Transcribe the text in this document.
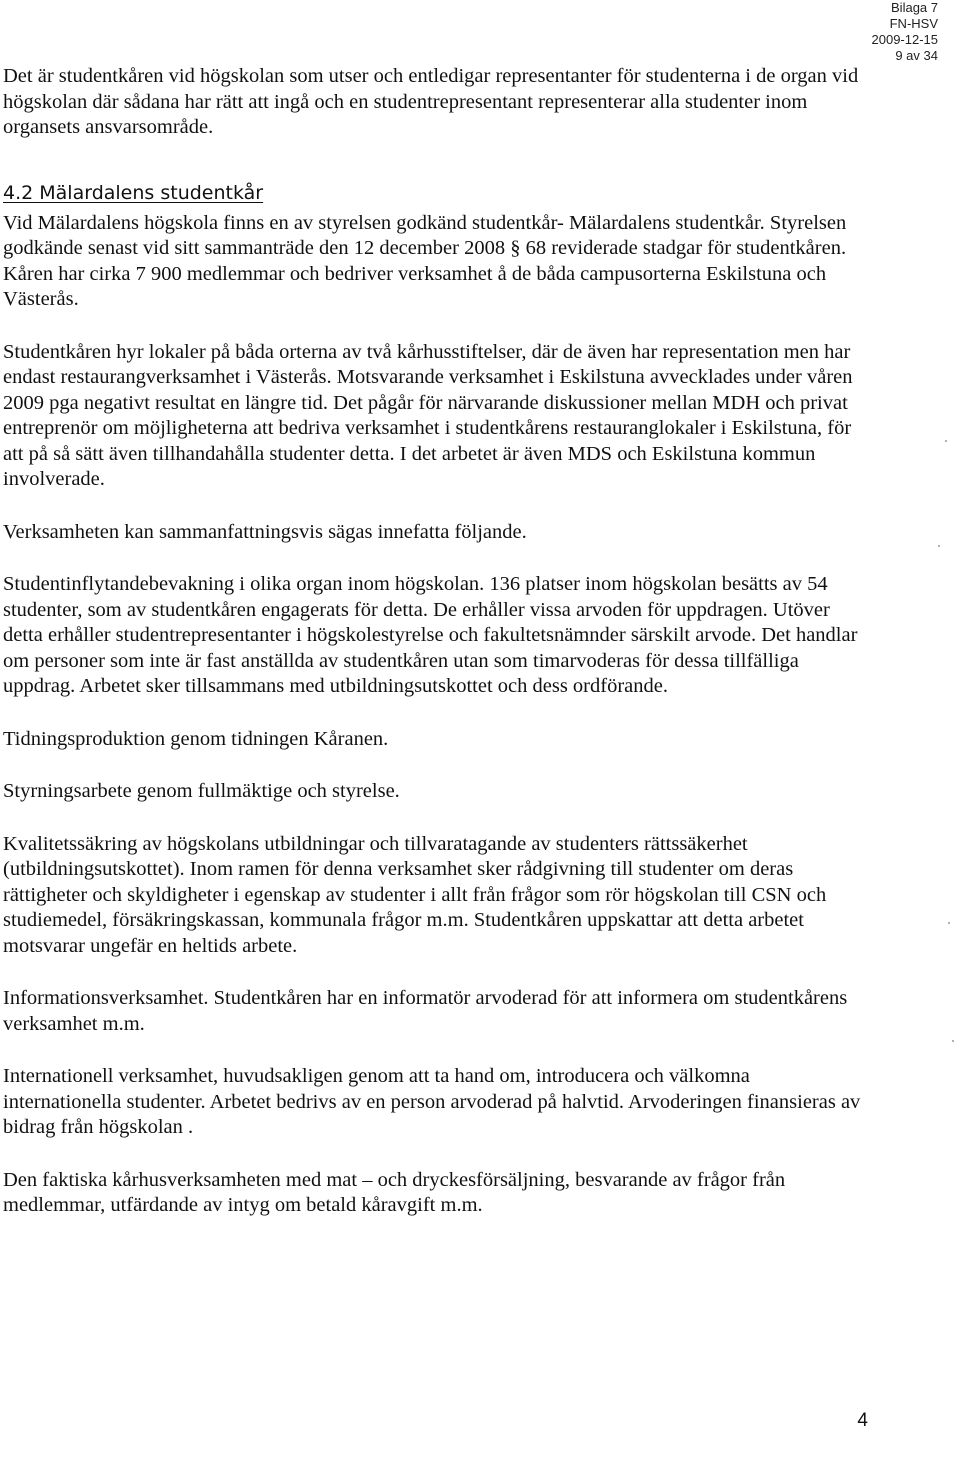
Bilaga 7
FN-HSV
2009-12-15
9 av 34

Det är studentkåren vid högskolan som utser och entledigar representanter för studenterna i de organ vid högskolan där sådana har rätt att ingå och en studentrepresentant representerar alla studenter inom organsets ansvarsområde.

4.2 Mälardalens studentkår

Vid Mälardalens högskola finns en av styrelsen godkänd studentkår- Mälardalens studentkår. Styrelsen godkände senast vid sitt sammanträde den 12 december 2008 § 68 reviderade stadgar för studentkåren. Kåren har cirka 7 900 medlemmar och bedriver verksamhet å de båda campusorterna Eskilstuna och Västerås.

Studentkåren hyr lokaler på båda orterna av två kårhusstiftelser, där de även har representation men har endast restaurangverksamhet i Västerås. Motsvarande verksamhet i Eskilstuna avvecklades under våren 2009 pga negativt resultat en längre tid. Det pågår för närvarande diskussioner mellan MDH och privat entreprenör om möjligheterna att bedriva verksamhet i studentkårens restauranglokaler i Eskilstuna, för att på så sätt även tillhandahålla studenter detta. I det arbetet är även MDS och Eskilstuna kommun involverade.

Verksamheten kan sammanfattningsvis sägas innefatta följande.

Studentinflytandebevakning i olika organ inom högskolan. 136 platser inom högskolan besätts av 54 studenter, som av studentkåren engagerats för detta. De erhåller vissa arvoden för uppdragen. Utöver detta erhåller studentrepresentanter i högskolestyrelse och fakultetsnämnder särskilt arvode. Det handlar om personer som inte är fast anställda av studentkåren utan som timarvoderas för dessa tillfälliga uppdrag. Arbetet sker tillsammans med utbildningsutskottet och dess ordförande.

Tidningsproduktion genom tidningen Kåranen.

Styrningsarbete genom fullmäktige och styrelse.

Kvalitetssäkring av högskolans utbildningar och tillvaratagande av studenters rättssäkerhet (utbildningsutskottet). Inom ramen för denna verksamhet sker rådgivning till studenter om deras rättigheter och skyldigheter i egenskap av studenter i allt från frågor som rör högskolan till CSN och studiemedel, försäkringskassan, kommunala frågor m.m. Studentkåren uppskattar att detta arbetet motsvarar ungefär en heltids arbete.

Informationsverksamhet. Studentkåren har en informatör arvoderad för att informera om studentkårens verksamhet m.m.

Internationell verksamhet, huvudsakligen genom att ta hand om, introducera och välkomna internationella studenter. Arbetet bedrivs av en person arvoderad på halvtid. Arvoderingen finansieras av bidrag från högskolan .

Den faktiska kårhusverksamheten med mat – och dryckesförsäljning, besvarande av frågor från medlemmar, utfärdande av intyg om betald kåravgift m.m.

4
